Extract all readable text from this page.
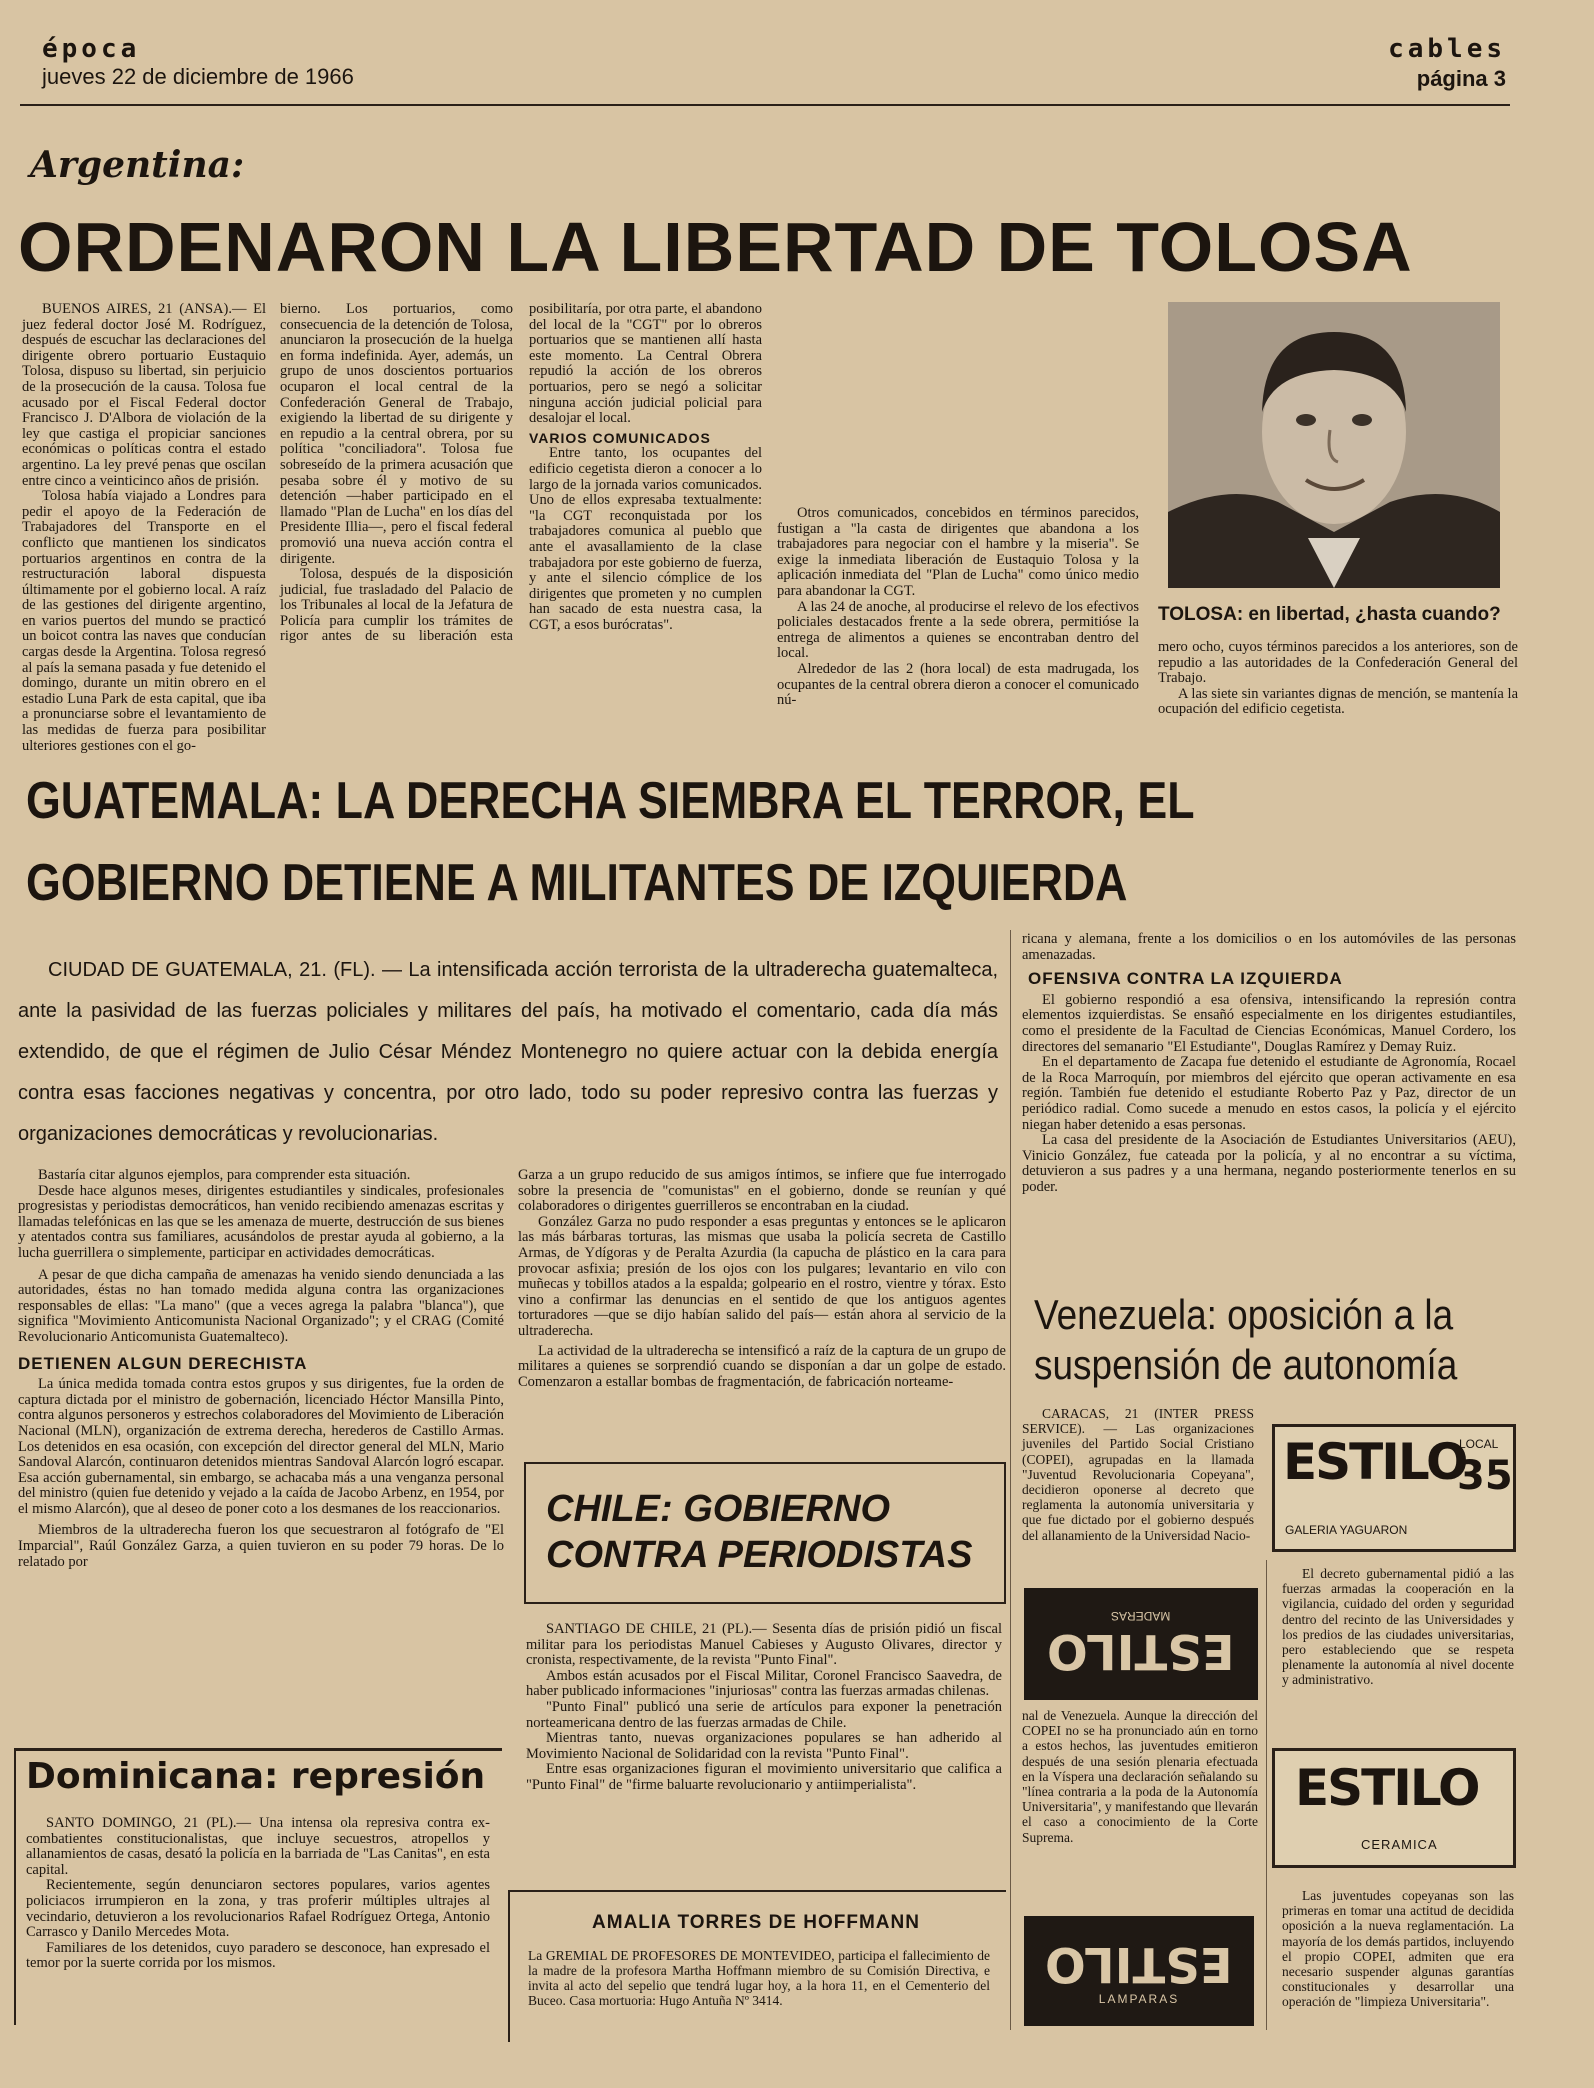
época
jueves 22 de diciembre de 1966
cables
página 3
Argentina:
ORDENARON LA LIBERTAD DE TOLOSA

BUENOS AIRES, 21 (ANSA).— El juez federal doctor José M. Rodríguez, después de escuchar las declaraciones del dirigente obrero portuario Eustaquio Tolosa, dispuso su libertad, sin perjuicio de la prosecución de la causa. Tolosa fue acusado por el Fiscal Federal doctor Francisco J. D'Albora de violación de la ley que castiga el propiciar sanciones económicas o políticas contra el estado argentino. La ley prevé penas que oscilan entre cinco a veinticinco años de prisión.

Tolosa había viajado a Londres para pedir el apoyo de la Federación de Trabajadores del Transporte en el conflicto que mantienen los sindicatos portuarios argentinos en contra de la restructuración laboral dispuesta últimamente por el gobierno local. A raíz de las gestiones del dirigente argentino, en varios puertos del mundo se practicó un boicot contra las naves que conducían cargas desde la Argentina. Tolosa regresó al país la semana pasada y fue detenido el domingo, durante un mitin obrero en el estadio Luna Park de esta capital, que iba a pronunciarse sobre el levantamiento de las medidas de fuerza para posibilitar ulteriores gestiones con el go-

bierno. Los portuarios, como consecuencia de la detención de Tolosa, anunciaron la prosecución de la huelga en forma indefinida. Ayer, además, un grupo de unos doscientos portuarios ocuparon el local central de la Confederación General de Trabajo, exigiendo la libertad de su dirigente y en repudio a la central obrera, por su política "conciliadora". Tolosa fue sobreseído de la primera acusación que pesaba sobre él y motivo de su detención —haber participado en el llamado "Plan de Lucha" en los días del Presidente Illia—, pero el fiscal federal promovió una nueva acción contra el dirigente.

Tolosa, después de la disposición judicial, fue trasladado del Palacio de los Tribunales al local de la Jefatura de Policía para cumplir los trámites de rigor antes de su liberación esta posibilitaría, por otra parte, el abandono del local de la "CGT" por lo obreros portuarios que se mantienen allí hasta este momento. La Central Obrera repudió la acción de los obreros portuarios, pero se negó a solicitar ninguna acción judicial policial para desalojar el local.

VARIOS COMUNICADOS

Entre tanto, los ocupantes del edificio cegetista dieron a conocer a lo largo de la jornada varios comunicados. Uno de ellos expresaba textualmente: "la CGT reconquistada por los trabajadores comunica al pueblo que ante el avasallamiento de la clase trabajadora por este gobierno de fuerza, y ante el silencio cómplice de los dirigentes que prometen y no cumplen han sacado de esta nuestra casa, la CGT, a esos burócratas".

Otros comunicados, concebidos en términos parecidos, fustigan a "la casta de dirigentes que abandona a los trabajadores para negociar con el hambre y la miseria". Se exige la inmediata liberación de Eustaquio Tolosa y la aplicación inmediata del "Plan de Lucha" como único medio para abandonar la CGT.

A las 24 de anoche, al producirse el relevo de los efectivos policiales destacados frente a la sede obrera, permitióse la entrega de alimentos a quienes se encontraban dentro del local.

Alrededor de las 2 (hora local) de esta madrugada, los ocupantes de la central obrera dieron a conocer el comunicado nú-

TOLOSA: en libertad, ¿hasta cuando?

mero ocho, cuyos términos parecidos a los anteriores, son de repudio a las autoridades de la Confederación General del Trabajo.

A las siete sin variantes dignas de mención, se mantenía la ocupación del edificio cegetista.

GUATEMALA: LA DERECHA SIEMBRA EL TERROR, EL
GOBIERNO DETIENE A MILITANTES DE IZQUIERDA
CIUDAD DE GUATEMALA, 21. (FL). — La intensificada acción terrorista de la ultraderecha guatemalteca, ante la pasividad de las fuerzas policiales y militares del país, ha motivado el comentario, cada día más extendido, de que el régimen de Julio César Méndez Montenegro no quiere actuar con la debida energía contra esas facciones negativas y concentra, por otro lado, todo su poder represivo contra las fuerzas y organizaciones democráticas y revolucionarias.

Bastaría citar algunos ejemplos, para comprender esta situación.

Desde hace algunos meses, dirigentes estudiantiles y sindicales, profesionales progresistas y periodistas democráticos, han venido recibiendo amenazas escritas y llamadas telefónicas en las que se les amenaza de muerte, destrucción de sus bienes y atentados contra sus familiares, acusándolos de prestar ayuda al gobierno, a la lucha guerrillera o simplemente, participar en actividades democráticas.

A pesar de que dicha campaña de amenazas ha venido siendo denunciada a las autoridades, éstas no han tomado medida alguna contra las organizaciones responsables de ellas: "La mano" (que a veces agrega la palabra "blanca"), que significa "Movimiento Anticomunista Nacional Organizado"; y el CRAG (Comité Revolucionario Anticomunista Guatemalteco).

DETIENEN ALGUN DERECHISTA

La única medida tomada contra estos grupos y sus dirigentes, fue la orden de captura dictada por el ministro de gobernación, licenciado Héctor Mansilla Pinto, contra algunos personeros y estrechos colaboradores del Movimiento de Liberación Nacional (MLN), organización de extrema derecha, herederos de Castillo Armas. Los detenidos en esa ocasión, con excepción del director general del MLN, Mario Sandoval Alarcón, continuaron detenidos mientras Sandoval Alarcón logró escapar. Esa acción gubernamental, sin embargo, se achacaba más a una venganza personal del ministro (quien fue detenido y vejado a la caída de Jacobo Arbenz, en 1954, por el mismo Alarcón), que al deseo de poner coto a los desmanes de los reaccionarios.

Miembros de la ultraderecha fueron los que secuestraron al fotógrafo de "El Imparcial", Raúl González Garza, a quien tuvieron en su poder 79 horas. De lo relatado por

Garza a un grupo reducido de sus amigos íntimos, se infiere que fue interrogado sobre la presencia de "comunistas" en el gobierno, donde se reunían y qué colaboradores o dirigentes guerrilleros se encontraban en la ciudad.

González Garza no pudo responder a esas preguntas y entonces se le aplicaron las más bárbaras torturas, las mismas que usaba la policía secreta de Castillo Armas, de Ydígoras y de Peralta Azurdia (la capucha de plástico en la cara para provocar asfixia; presión de los ojos con los pulgares; levantario en vilo con muñecas y tobillos atados a la espalda; golpeario en el rostro, vientre y tórax. Esto vino a confirmar las denuncias en el sentido de que los antiguos agentes torturadores —que se dijo habían salido del país— están ahora al servicio de la ultraderecha.

La actividad de la ultraderecha se intensificó a raíz de la captura de un grupo de militares a quienes se sorprendió cuando se disponían a dar un golpe de estado. Comenzaron a estallar bombas de fragmentación, de fabricación norteame-

ricana y alemana, frente a los domicilios o en los automóviles de las personas amenazadas.

OFENSIVA CONTRA LA IZQUIERDA

El gobierno respondió a esa ofensiva, intensificando la represión contra elementos izquierdistas. Se ensañó especialmente en los dirigentes estudiantiles, como el presidente de la Facultad de Ciencias Económicas, Manuel Cordero, los directores del semanario "El Estudiante", Douglas Ramírez y Demay Ruiz.

En el departamento de Zacapa fue detenido el estudiante de Agronomía, Rocael de la Roca Marroquín, por miembros del ejército que operan activamente en esa región. También fue detenido el estudiante Roberto Paz y Paz, director de un periódico radial. Como sucede a menudo en estos casos, la policía y el ejército niegan haber detenido a esas personas.

La casa del presidente de la Asociación de Estudiantes Universitarios (AEU), Vinicio González, fue cateada por la policía, y al no encontrar a su víctima, detuvieron a sus padres y a una hermana, negando posteriormente tenerlos en su poder.

Dominicana: represión

SANTO DOMINGO, 21 (PL).— Una intensa ola represiva contra ex-combatientes constitucionalistas, que incluye secuestros, atropellos y allanamientos de casas, desató la policía en la barriada de "Las Canitas", en esta capital.

Recientemente, según denunciaron sectores populares, varios agentes policiacos irrumpieron en la zona, y tras proferir múltiples ultrajes al vecindario, detuvieron a los revolucionarios Rafael Rodríguez Ortega, Antonio Carrasco y Danilo Mercedes Mota.

Familiares de los detenidos, cuyo paradero se desconoce, han expresado el temor por la suerte corrida por los mismos.

CHILE: GOBIERNO
CONTRA PERIODISTAS

SANTIAGO DE CHILE, 21 (PL).— Sesenta días de prisión pidió un fiscal militar para los periodistas Manuel Cabieses y Augusto Olivares, director y cronista, respectivamente, de la revista "Punto Final".

Ambos están acusados por el Fiscal Militar, Coronel Francisco Saavedra, de haber publicado informaciones "injuriosas" contra las fuerzas armadas chilenas.

"Punto Final" publicó una serie de artículos para exponer la penetración norteamericana dentro de las fuerzas armadas de Chile.

Mientras tanto, nuevas organizaciones populares se han adherido al Movimiento Nacional de Solidaridad con la revista "Punto Final".

Entre esas organizaciones figuran el movimiento universitario que califica a "Punto Final" de "firme baluarte revolucionario y antiimperialista".

AMALIA TORRES DE HOFFMANN
La GREMIAL DE PROFESORES DE MONTEVIDEO, participa el fallecimiento de la madre de la profesora Martha Hoffmann miembro de su Comisión Directiva, e invita al acto del sepelio que tendrá lugar hoy, a la hora 11, en el Cementerio del Buceo. Casa mortuoria: Hugo Antuña Nº 3414.
Venezuela: oposición a la
suspensión de autonomía

CARACAS, 21 (INTER PRESS SERVICE). — Las organizaciones juveniles del Partido Social Cristiano (COPEI), agrupadas en la llamada "Juventud Revolucionaria Copeyana", decidieron oponerse al decreto que reglamenta la autonomía universitaria y que fue dictado por el gobierno después del allanamiento de la Universidad Nacio-

nal de Venezuela. Aunque la dirección del COPEI no se ha pronunciado aún en torno a estos hechos, las juventudes emitieron después de una sesión plenaria efectuada en la Víspera una declaración señalando su "línea contraria a la poda de la Autonomía Universitaria", y manifestando que llevarán el caso a conocimiento de la Corte Suprema.

El decreto gubernamental pidió a las fuerzas armadas la cooperación en la vigilancia, cuidado del orden y seguridad dentro del recinto de las Universidades y los predios de las ciudades universitarias, pero estableciendo que se respeta plenamente la autonomía al nivel docente y administrativo.

Las juventudes copeyanas son las primeras en tomar una actitud de decidida oposición a la nueva reglamentación. La mayoría de los demás partidos, incluyendo el propio COPEI, admiten que era necesario suspender algunas garantías constitucionales y desarrollar una operación de "limpieza Universitaria".

ESTILO
LOCAL
35
GALERIA YAGUARON
MADERAS
ESTILO
ESTILO
CERAMICA
ESTILO
LAMPARAS
